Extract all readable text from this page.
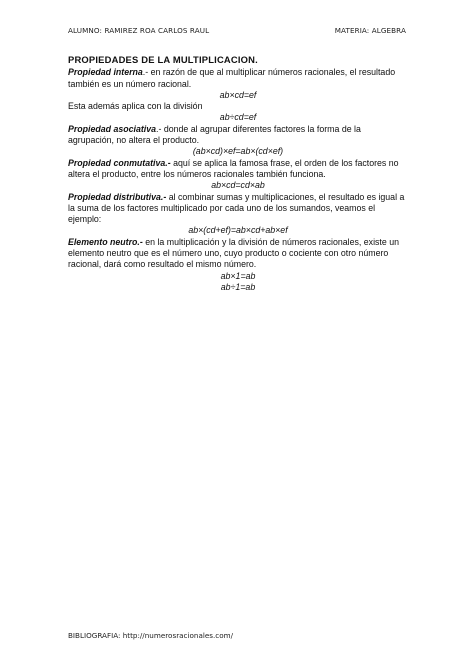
ALUMNO: RAMIREZ ROA CARLOS RAUL	MATERIA: ALGEBRA

PROPIEDADES DE LA MULTIPLICACION.

Propiedad interna.- en razón de que al multiplicar números racionales, el resultado también es un número racional.

ab×cd=ef

Esta además aplica con la división

ab÷cd=ef

Propiedad asociativa.- donde al agrupar diferentes factores la forma de la agrupación, no altera el producto.

(ab×cd)×ef=ab×(cd×ef)

Propiedad conmutativa.- aquí se aplica la famosa frase, el orden de los factores no altera el producto, entre los números racionales también funciona.

ab×cd=cd×ab

Propiedad distributiva.- al combinar sumas y multiplicaciones, el resultado es igual a la suma de los factores multiplicado por cada uno de los sumandos, veamos el ejemplo:

ab×(cd+ef)=ab×cd+ab×ef

Elemento neutro.- en la multiplicación y la división de números racionales, existe un elemento neutro que es el número uno, cuyo producto o cociente con otro número racional, dará como resultado el mismo número.

ab×1=ab

ab÷1=ab

BIBLIOGRAFIA: http://numerosracionales.com/
